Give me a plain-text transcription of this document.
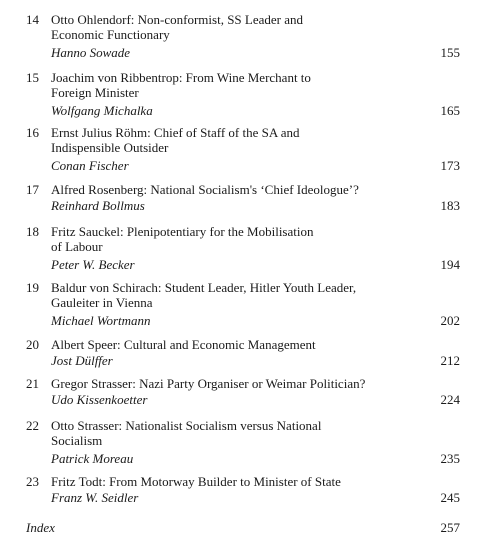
14 Otto Ohlendorf: Non-conformist, SS Leader and
Economic Functionary
Hanno Sowade	155
15 Joachim von Ribbentrop: From Wine Merchant to
Foreign Minister
Wolfgang Michalka	165
16 Ernst Julius Röhm: Chief of Staff of the SA and
Indispensible Outsider
Conan Fischer	173
17 Alfred Rosenberg: National Socialism's ‘Chief Ideologue’?
Reinhard Bollmus	183
18 Fritz Sauckel: Plenipotentiary for the Mobilisation
of Labour
Peter W. Becker	194
19 Baldur von Schirach: Student Leader, Hitler Youth Leader,
Gauleiter in Vienna
Michael Wortmann	202
20 Albert Speer: Cultural and Economic Management
Jost Dülffer	212
21 Gregor Strasser: Nazi Party Organiser or Weimar Politician?
Udo Kissenkoetter	224
22 Otto Strasser: Nationalist Socialism versus National
Socialism
Patrick Moreau	235
23 Fritz Todt: From Motorway Builder to Minister of State
Franz W. Seidler	245
Index	257
